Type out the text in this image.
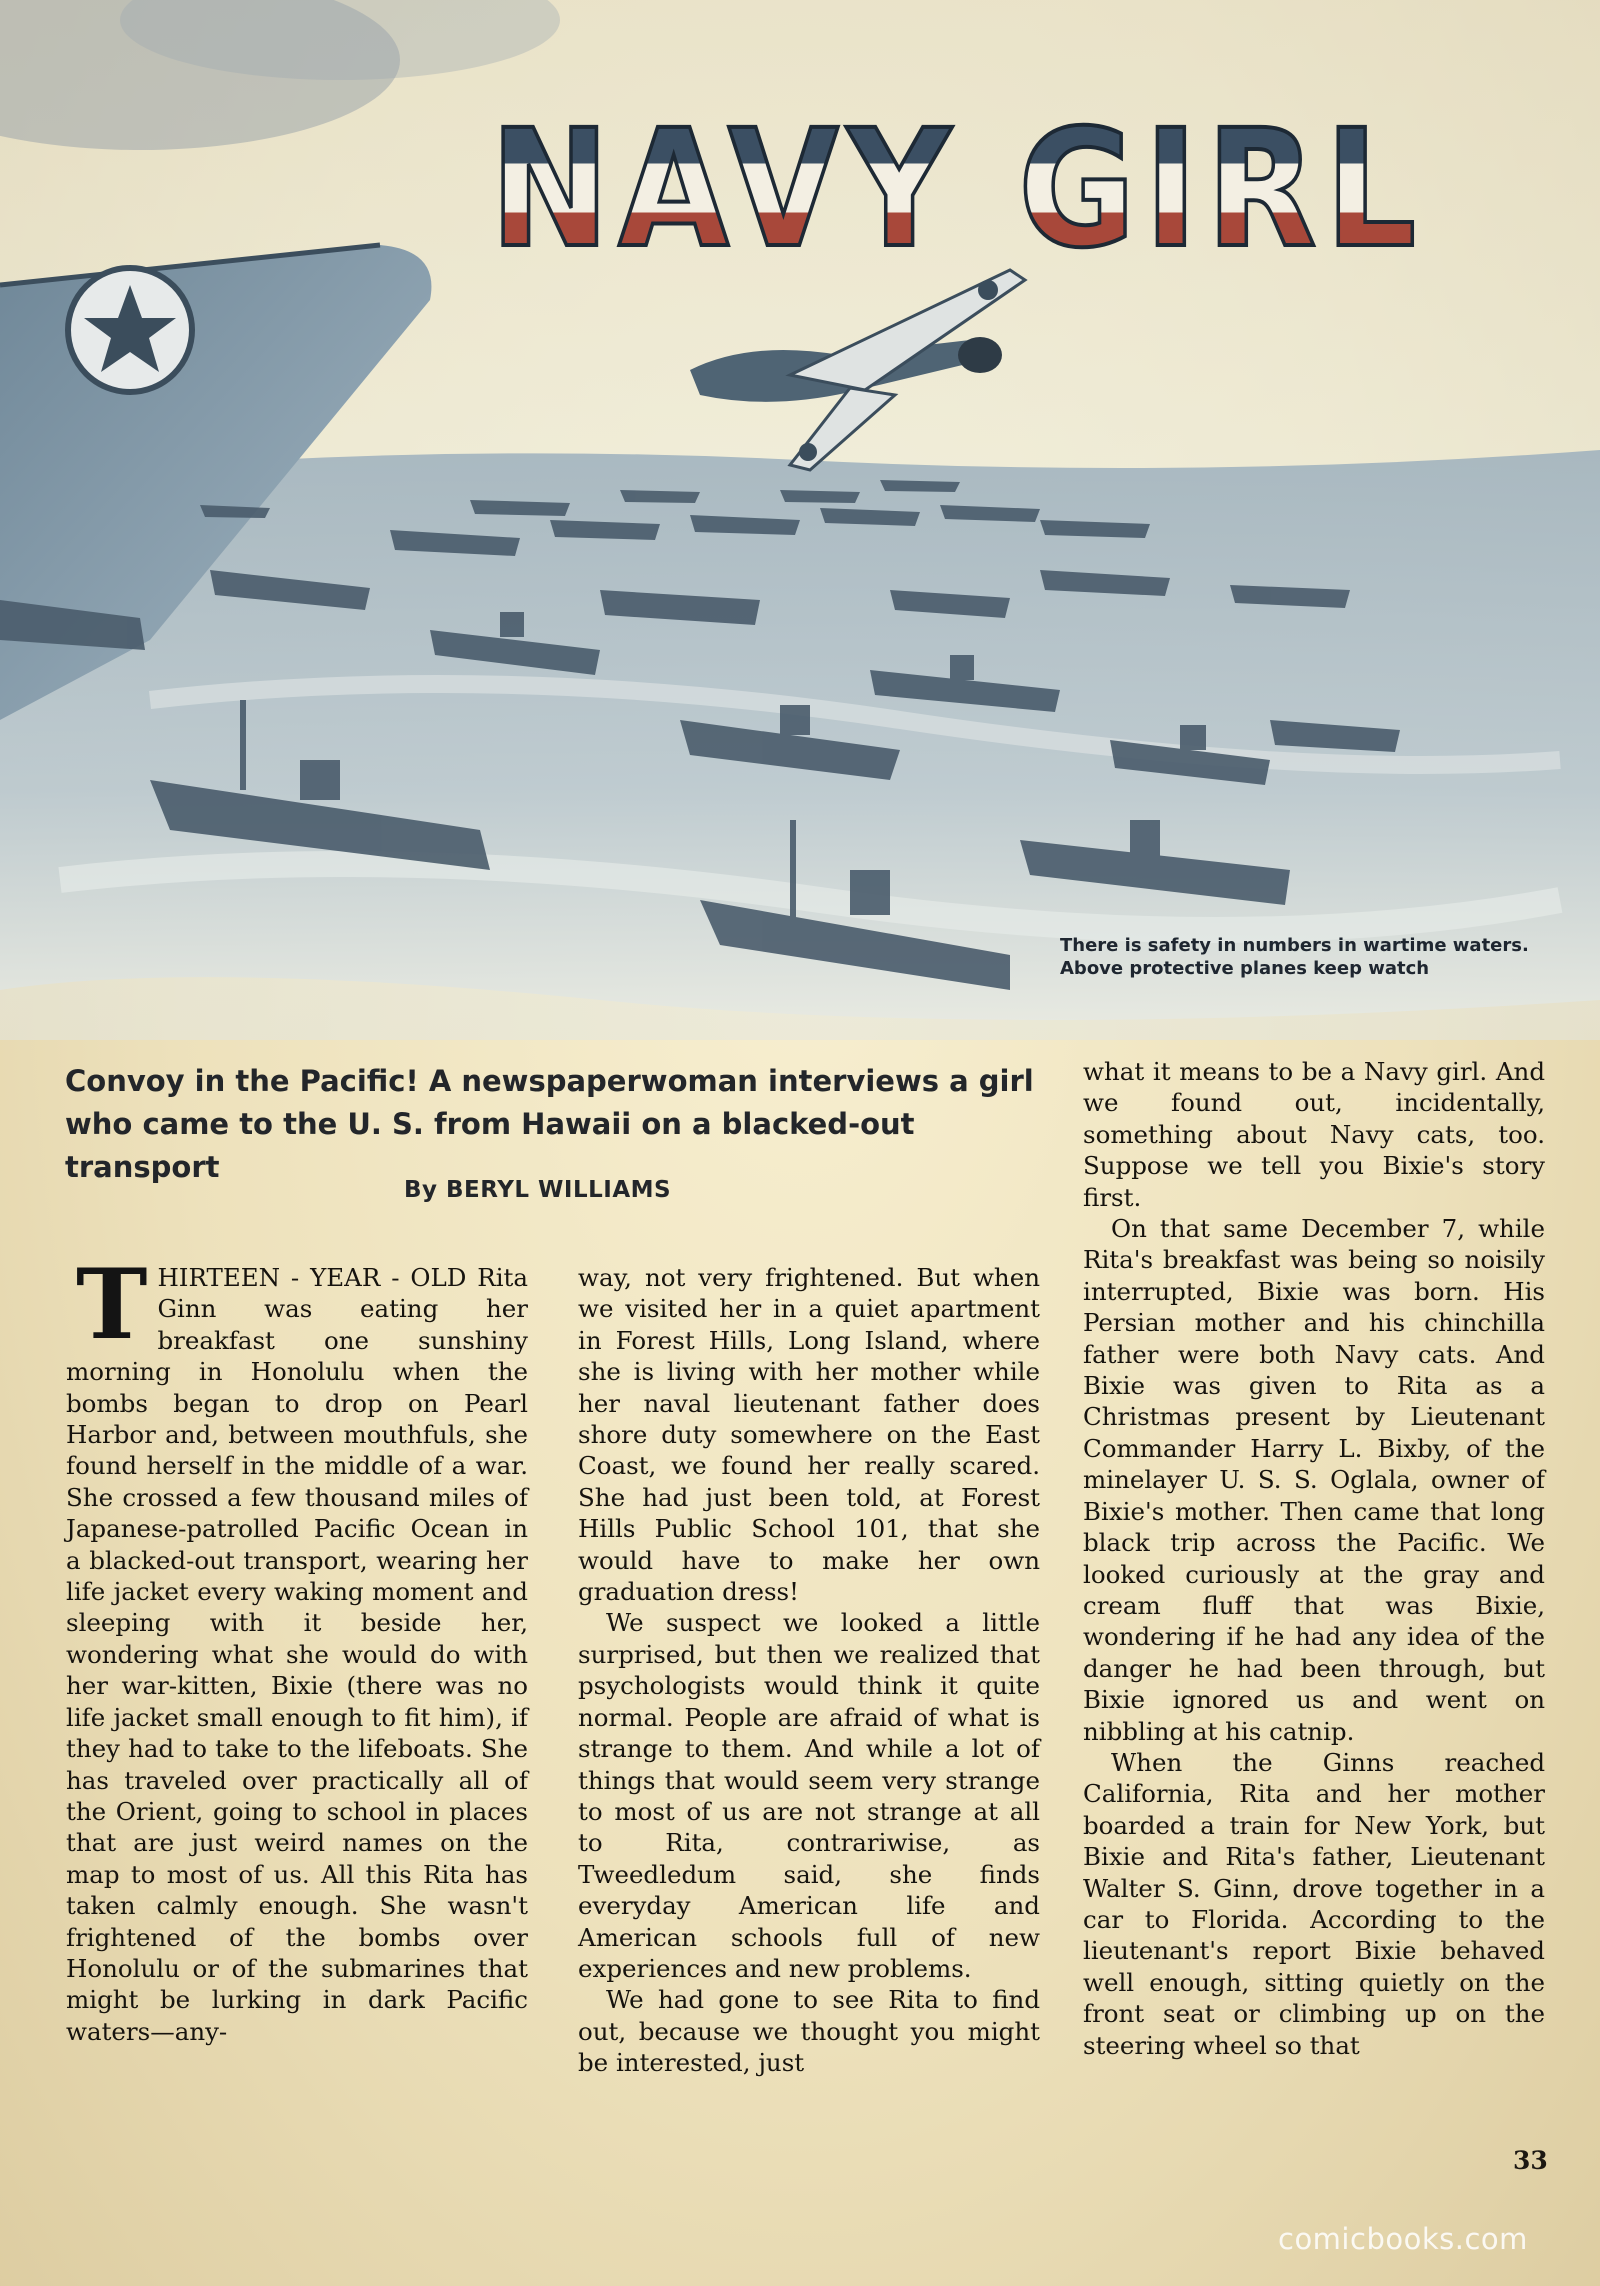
NAVY GIRL
There is safety in numbers in wartime waters. Above protective planes keep watch
Convoy in the Pacific! A newspaperwoman interviews a girl who came to the U. S. from Hawaii on a blacked-out transport
By BERYL WILLIAMS

THIRTEEN - YEAR - OLD Rita Ginn was eating her breakfast one sunshiny morning in Honolulu when the bombs began to drop on Pearl Harbor and, between mouthfuls, she found herself in the middle of a war. She crossed a few thousand miles of Japanese-patrolled Pacific Ocean in a blacked-out transport, wearing her life jacket every waking moment and sleeping with it beside her, wondering what she would do with her war-kitten, Bixie (there was no life jacket small enough to fit him), if they had to take to the lifeboats. She has traveled over practically all of the Orient, going to school in places that are just weird names on the map to most of us. All this Rita has taken calmly enough. She wasn't frightened of the bombs over Honolulu or of the submarines that might be lurking in dark Pacific waters—any-

way, not very frightened. But when we visited her in a quiet apartment in Forest Hills, Long Island, where she is living with her mother while her naval lieutenant father does shore duty somewhere on the East Coast, we found her really scared. She had just been told, at Forest Hills Public School 101, that she would have to make her own graduation dress!

We suspect we looked a little surprised, but then we realized that psychologists would think it quite normal. People are afraid of what is strange to them. And while a lot of things that would seem very strange to most of us are not strange at all to Rita, contrariwise, as Tweedledum said, she finds everyday American life and American schools full of new experiences and new problems.

We had gone to see Rita to find out, because we thought you might be interested, just

what it means to be a Navy girl. And we found out, incidentally, something about Navy cats, too. Suppose we tell you Bixie's story first.

On that same December 7, while Rita's breakfast was being so noisily interrupted, Bixie was born. His Persian mother and his chinchilla father were both Navy cats. And Bixie was given to Rita as a Christmas present by Lieutenant Commander Harry L. Bixby, of the minelayer U. S. S. Oglala, owner of Bixie's mother. Then came that long black trip across the Pacific. We looked curiously at the gray and cream fluff that was Bixie, wondering if he had any idea of the danger he had been through, but Bixie ignored us and went on nibbling at his catnip.

When the Ginns reached California, Rita and her mother boarded a train for New York, but Bixie and Rita's father, Lieutenant Walter S. Ginn, drove together in a car to Florida. According to the lieutenant's report Bixie behaved well enough, sitting quietly on the front seat or climbing up on the steering wheel so that

33
comicbooks.com
